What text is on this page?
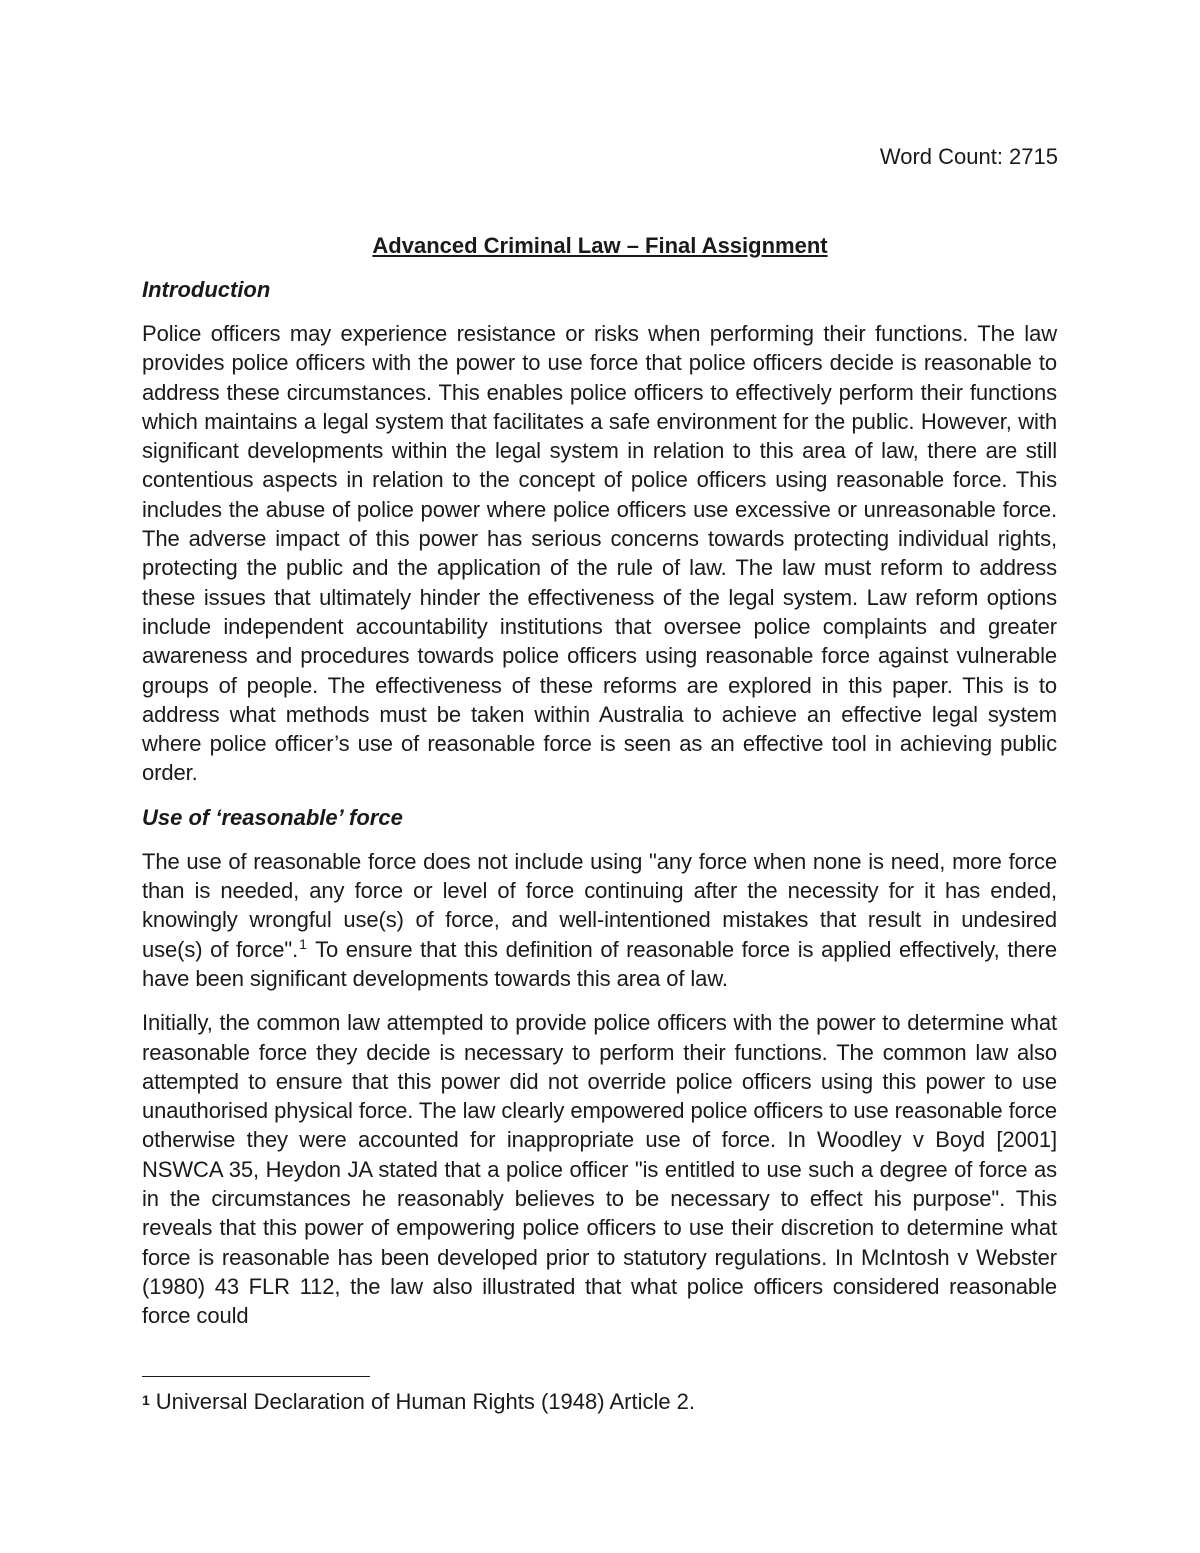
Word Count: 2715
Advanced Criminal Law – Final Assignment
Introduction

Police officers may experience resistance or risks when performing their functions. The law provides police officers with the power to use force that police officers decide is reasonable to address these circumstances. This enables police officers to effectively perform their functions which maintains a legal system that facilitates a safe environment for the public. However, with significant developments within the legal system in relation to this area of law, there are still contentious aspects in relation to the concept of police officers using reasonable force. This includes the abuse of police power where police officers use excessive or unreasonable force. The adverse impact of this power has serious concerns towards protecting individual rights, protecting the public and the application of the rule of law. The law must reform to address these issues that ultimately hinder the effectiveness of the legal system. Law reform options include independent accountability institutions that oversee police complaints and greater awareness and procedures towards police officers using reasonable force against vulnerable groups of people. The effectiveness of these reforms are explored in this paper. This is to address what methods must be taken within Australia to achieve an effective legal system where police officer’s use of reasonable force is seen as an effective tool in achieving public order.

Use of ‘reasonable’ force

The use of reasonable force does not include using "any force when none is need, more force than is needed, any force or level of force continuing after the necessity for it has ended, knowingly wrongful use(s) of force, and well-intentioned mistakes that result in undesired use(s) of force".$^1$ To ensure that this definition of reasonable force is applied effectively, there have been significant developments towards this area of law.

Initially, the common law attempted to provide police officers with the power to determine what reasonable force they decide is necessary to perform their functions. The common law also attempted to ensure that this power did not override police officers using this power to use unauthorised physical force. The law clearly empowered police officers to use reasonable force otherwise they were accounted for inappropriate use of force. In Woodley v Boyd [2001] NSWCA 35, Heydon JA stated that a police officer "is entitled to use such a degree of force as in the circumstances he reasonably believes to be necessary to effect his purpose". This reveals that this power of empowering police officers to use their discretion to determine what force is reasonable has been developed prior to statutory regulations. In McIntosh v Webster (1980) 43 FLR 112, the law also illustrated that what police officers considered reasonable force could

1 Universal Declaration of Human Rights (1948) Article 2.
